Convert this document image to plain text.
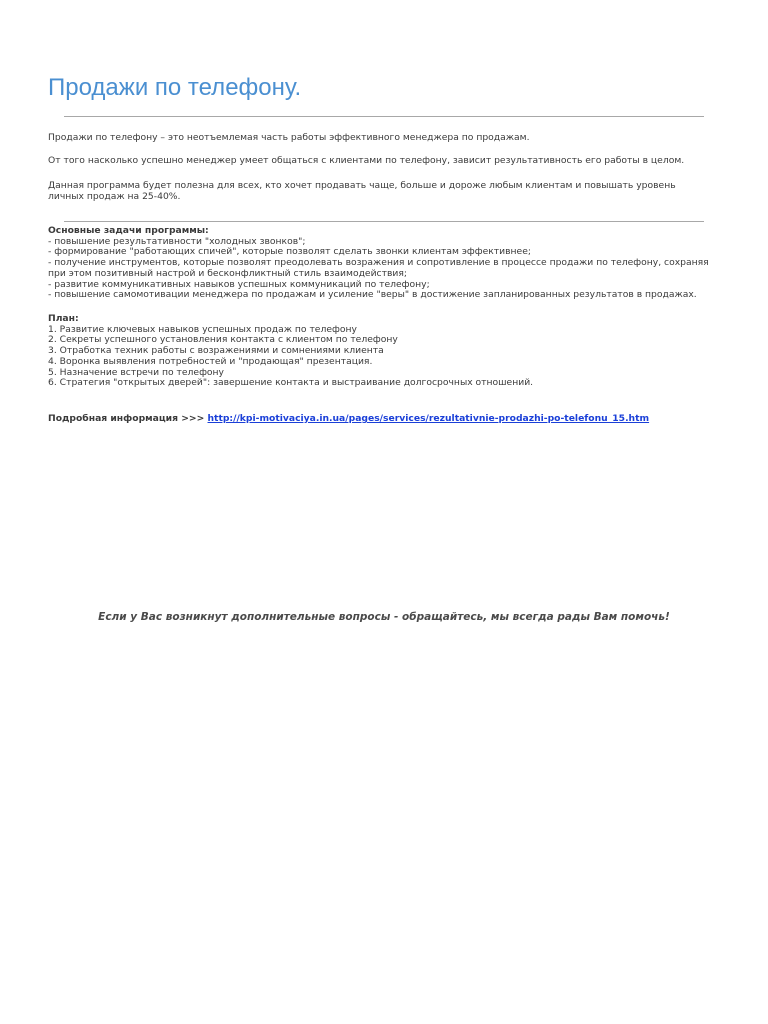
Продажи по телефону.

Продажи по телефону – это неотъемлемая часть работы эффективного менеджера по продажам.

От того насколько успешно менеджер умеет общаться с клиентами по телефону, зависит результативность его работы в целом.

Данная программа будет полезна для всех, кто хочет продавать чаще, больше и дороже любым клиентам и повышать уровень личных продаж на 25-40%.

Основные задачи программы:
- повышение результативности "холодных звонков";
- формирование "работающих спичей", которые позволят сделать звонки клиентам эффективнее;
- получение инструментов, которые позволят преодолевать возражения и сопротивление в процессе продажи по телефону, сохраняя при этом позитивный настрой и бесконфликтный стиль взаимодействия;
- развитие коммуникативных навыков успешных коммуникаций по телефону;
- повышение самомотивации менеджера по продажам и усиление "веры" в достижение запланированных результатов в продажах.
План:
1. Развитие ключевых навыков успешных продаж по телефону
2. Секреты успешного установления контакта с клиентом по телефону
3. Отработка техник работы с возражениями и сомнениями клиента
4. Воронка выявления потребностей и "продающая" презентация.
5. Назначение встречи по телефону
6. Стратегия "открытых дверей": завершение контакта и выстраивание долгосрочных отношений.
Подробная информация >>> http://kpi-motivaciya.in.ua/pages/services/rezultativnie-prodazhi-po-telefonu_15.htm
Если у Вас возникнут дополнительные вопросы - обращайтесь, мы всегда рады Вам помочь!
